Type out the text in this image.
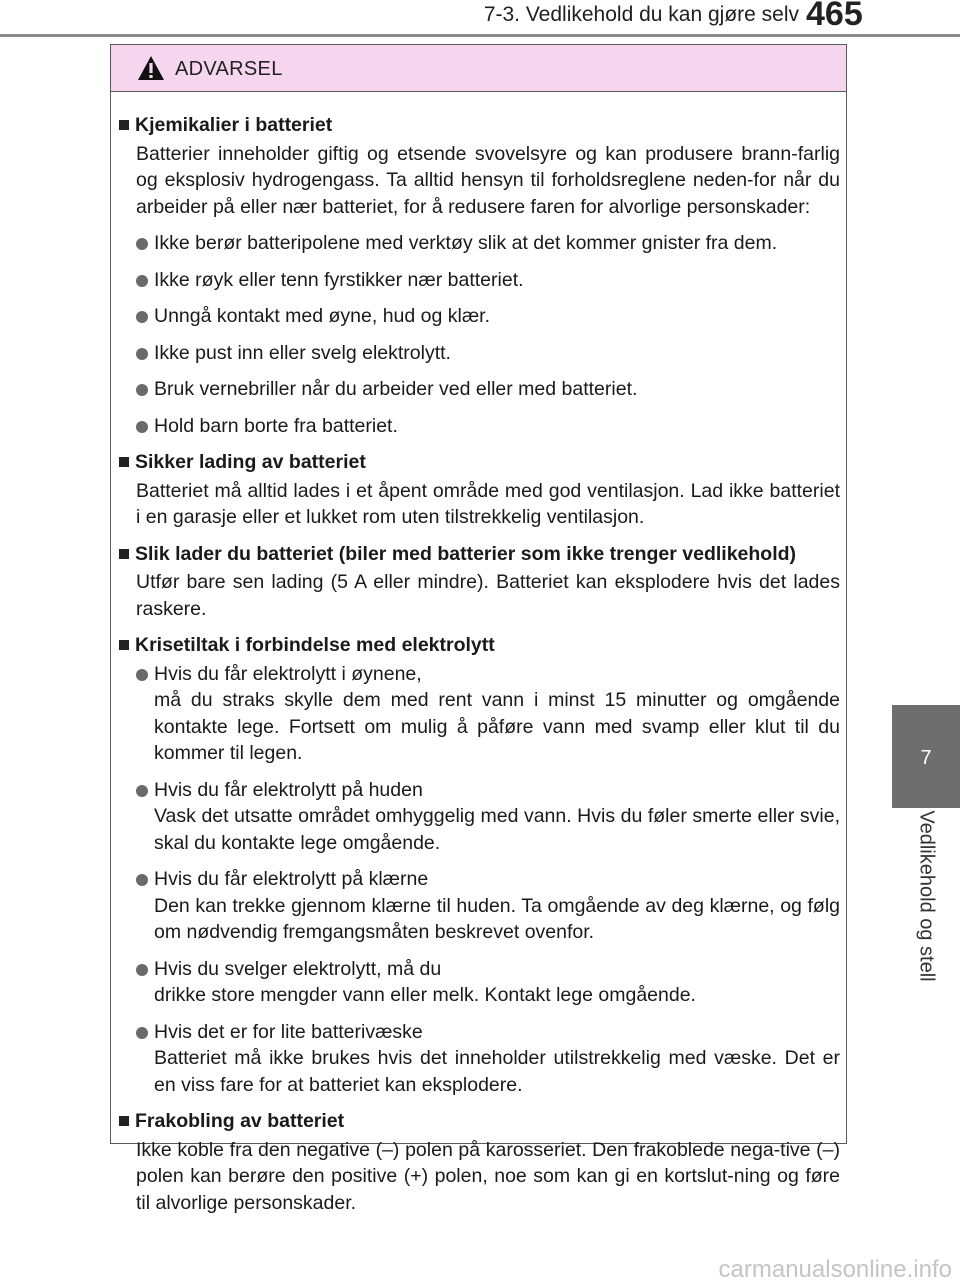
7-3. Vedlikehold du kan gjøre selv 465
7
Vedlikehold og stell
ADVARSEL
Kjemikalier i batteriet
Batterier inneholder giftig og etsende svovelsyre og kan produsere brann-farlig og eksplosiv hydrogengass. Ta alltid hensyn til forholdsreglene neden-for når du arbeider på eller nær batteriet, for å redusere faren for alvorlige personskader:
Ikke berør batteripolene med verktøy slik at det kommer gnister fra dem.
Ikke røyk eller tenn fyrstikker nær batteriet.
Unngå kontakt med øyne, hud og klær.
Ikke pust inn eller svelg elektrolytt.
Bruk vernebriller når du arbeider ved eller med batteriet.
Hold barn borte fra batteriet.
Sikker lading av batteriet
Batteriet må alltid lades i et åpent område med god ventilasjon. Lad ikke batteriet i en garasje eller et lukket rom uten tilstrekkelig ventilasjon.
Slik lader du batteriet (biler med batterier som ikke trenger vedlikehold)
Utfør bare sen lading (5 A eller mindre). Batteriet kan eksplodere hvis det lades raskere.
Krisetiltak i forbindelse med elektrolytt
Hvis du får elektrolytt i øynene,
må du straks skylle dem med rent vann i minst 15 minutter og omgående kontakte lege. Fortsett om mulig å påføre vann med svamp eller klut til du kommer til legen.
Hvis du får elektrolytt på huden
Vask det utsatte området omhyggelig med vann. Hvis du føler smerte eller svie, skal du kontakte lege omgående.
Hvis du får elektrolytt på klærne
Den kan trekke gjennom klærne til huden. Ta omgående av deg klærne, og følg om nødvendig fremgangsmåten beskrevet ovenfor.
Hvis du svelger elektrolytt, må du
drikke store mengder vann eller melk. Kontakt lege omgående.
Hvis det er for lite batterivæske
Batteriet må ikke brukes hvis det inneholder utilstrekkelig med væske. Det er en viss fare for at batteriet kan eksplodere.
Frakobling av batteriet
Ikke koble fra den negative (–) polen på karosseriet. Den frakoblede nega-tive (–) polen kan berøre den positive (+) polen, noe som kan gi en kortslut-ning og føre til alvorlige personskader.
carmanualsonline.info
